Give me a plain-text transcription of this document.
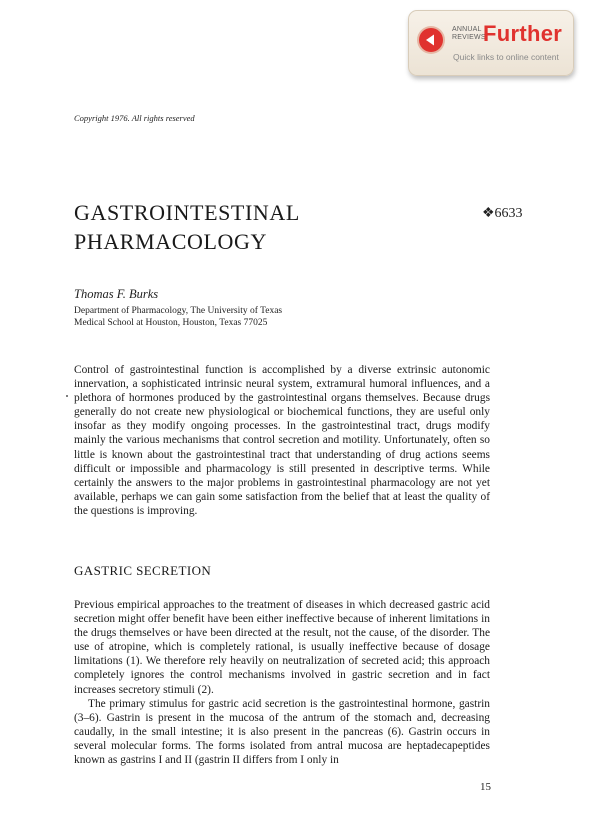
ANNUAL
REVIEWS
Further
Quick links to online content
Copyright 1976. All rights reserved
GASTROINTESTINAL
PHARMACOLOGY
❖6633
Thomas F. Burks
Department of Pharmacology, The University of Texas
Medical School at Houston, Houston, Texas 77025

Control of gastrointestinal function is accomplished by a diverse extrinsic autonomic innervation, a sophisticated intrinsic neural system, extramural humoral influences, and a plethora of hormones produced by the gastrointestinal organs themselves. Because drugs generally do not create new physiological or biochemical functions, they are useful only insofar as they modify ongoing processes. In the gastrointestinal tract, drugs modify mainly the various mechanisms that control secretion and motility. Unfortunately, often so little is known about the gastrointestinal tract that understanding of drug actions seems difficult or impossible and pharmacology is still presented in descriptive terms. While certainly the answers to the major problems in gastrointestinal pharmacology are not yet available, perhaps we can gain some satisfaction from the belief that at least the quality of the questions is improving.

GASTRIC SECRETION

Previous empirical approaches to the treatment of diseases in which decreased gastric acid secretion might offer benefit have been either ineffective because of inherent limitations in the drugs themselves or have been directed at the result, not the cause, of the disorder. The use of atropine, which is completely rational, is usually ineffective because of dosage limitations (1). We therefore rely heavily on neutralization of secreted acid; this approach completely ignores the control mechanisms involved in gastric secretion and in fact increases secretory stimuli (2).

The primary stimulus for gastric acid secretion is the gastrointestinal hormone, gastrin (3–6). Gastrin is present in the mucosa of the antrum of the stomach and, decreasing caudally, in the small intestine; it is also present in the pancreas (6). Gastrin occurs in several molecular forms. The forms isolated from antral mucosa are heptadecapeptides known as gastrins I and II (gastrin II differs from I only in

15
